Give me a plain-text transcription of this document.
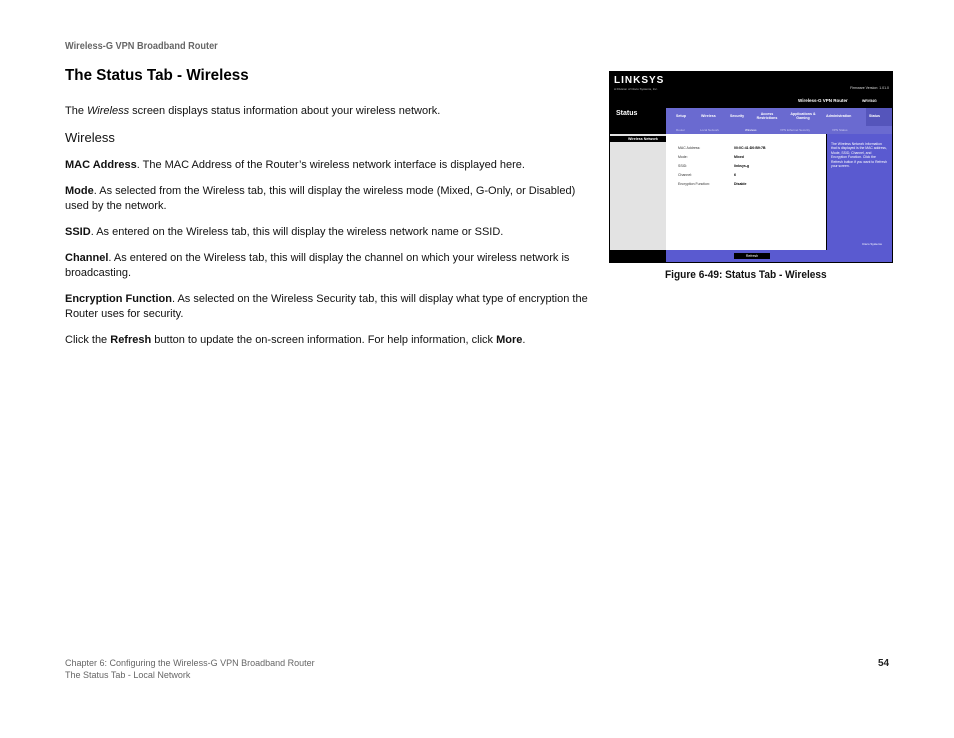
Wireless-G VPN Broadband Router
The Status Tab - Wireless

The Wireless screen displays status information about your wireless network.

Wireless

MAC Address. The MAC Address of the Router’s wireless network interface is displayed here.

Mode. As selected from the Wireless tab, this will display the wireless mode (Mixed, G-Only, or Disabled) used by the network.

SSID. As entered on the Wireless tab, this will display the wireless network name or SSID.

Channel. As entered on the Wireless tab, this will display the channel on which your wireless network is broadcasting.

Encryption Function. As selected on the Wireless Security tab, this will display what type of encryption the Router uses for security.

Click the Refresh button to update the on-screen information. For help information, click More.

LINKSYS
A Division of Cisco Systems, Inc.	Firmware Version: 1.01.0
Status
Wireless-G VPN Router	WRV54G
Setup	Wireless	Security	Access Restrictions
Applications & Gaming	Administration	Status
Router	Local Network	Wireless	VPN Ethernet Security	VPN Status
Wireless Network
MAC Address:	00:0C:41:D0:B9:7B
Mode:	Mixed
SSID:	linksys-g
Channel:	6
Encryption Function:	Disable
The Wireless Network information that is displayed is the MAC address, Mode, SSID, Channel, and Encryption Function. Click the Refresh button if you want to Refresh your screen.
Cisco Systems
Refresh
Figure 6-49: Status Tab - Wireless
Chapter 6: Configuring the Wireless-G VPN Broadband Router
The Status Tab - Local Network
54
